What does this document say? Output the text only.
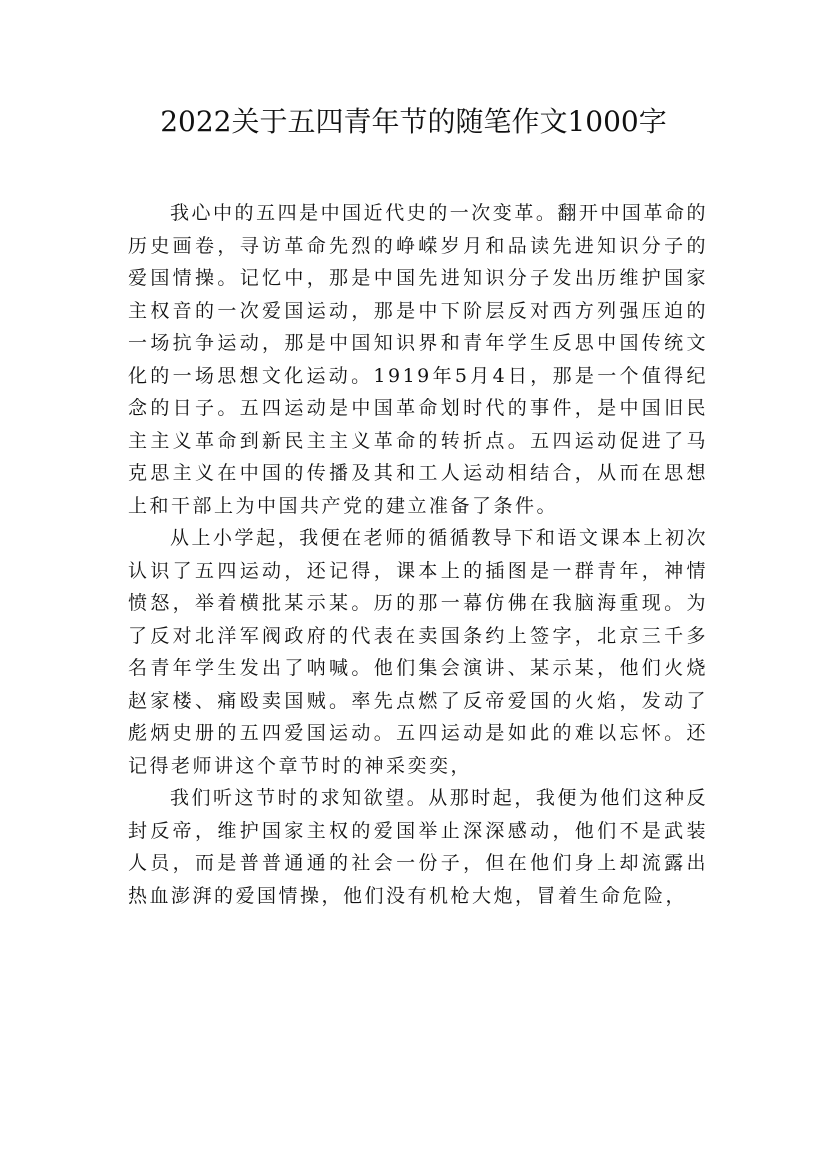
2022关于五四青年节的随笔作文1000字

我心中的五四是中国近代史的一次变革。翻开中国革命的历史画卷，寻访革命先烈的峥嵘岁月和品读先进知识分子的爱国情操。记忆中，那是中国先进知识分子发出历维护国家主权音的一次爱国运动，那是中下阶层反对西方列强压迫的一场抗争运动，那是中国知识界和青年学生反思中国传统文化的一场思想文化运动。1919年5月4日，那是一个值得纪念的日子。五四运动是中国革命划时代的事件，是中国旧民主主义革命到新民主主义革命的转折点。五四运动促进了马克思主义在中国的传播及其和工人运动相结合，从而在思想上和干部上为中国共产党的建立准备了条件。

从上小学起，我便在老师的循循教导下和语文课本上初次认识了五四运动，还记得，课本上的插图是一群青年，神情愤怒，举着横批某示某。历的那一幕仿佛在我脑海重现。为了反对北洋军阀政府的代表在卖国条约上签字，北京三千多名青年学生发出了呐喊。他们集会演讲、某示某，他们火烧赵家楼、痛殴卖国贼。率先点燃了反帝爱国的火焰，发动了彪炳史册的五四爱国运动。五四运动是如此的难以忘怀。还记得老师讲这个章节时的神采奕奕，

我们听这节时的求知欲望。从那时起，我便为他们这种反封反帝，维护国家主权的爱国举止深深感动，他们不是武装人员，而是普普通通的社会一份子，但在他们身上却流露出热血澎湃的爱国情操，他们没有机枪大炮，冒着生命危险，
